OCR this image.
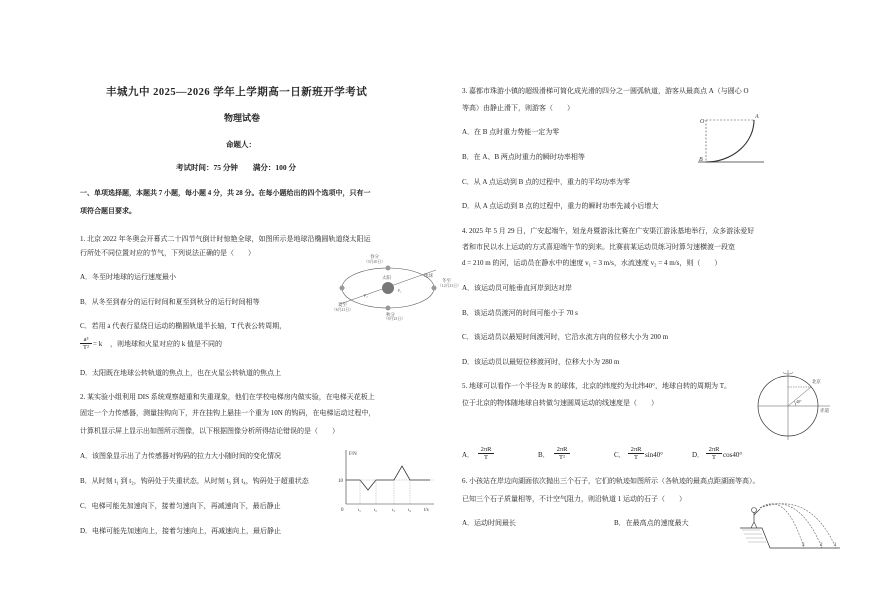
丰城九中 2025—2026 学年上学期高一日新班开学考试
物理试卷
命题人：
考试时间：75 分钟　　满分：100 分
一、单项选择题，本题共 7 小题，每小题 4 分，共 28 分。在每小题给出的四个选项中，只有一
项符合题目要求。
1. 北京 2022 年冬奥会开幕式二十四节气倒计时惊艳全球，如图所示是地球沿椭圆轨道绕太阳运
行所处不同位置对应的节气，下列说法正确的是（　　）
A．冬至时地球的运行速度最小
B．从冬至到春分的运行时间和夏至到秋分的运行时间相等
C．若用 a 代表行星绕日运动的椭圆轨道半长轴，T 代表公转周期，
a³
T² = k ，则地球和火星对应的 k 值是不同的
D．太阳既在地球公转轨道的焦点上，也在火星公转轨道的焦点上
春分
（3月20日）
太阳	地球
冬至
（12月21日）
夏至
（6月21日）
秋分
（9月23日）
F₁
F₂
2. 某实验小组利用 DIS 系统观察超重和失重现象，他们在学校电梯房内做实验，在电梯天花板上
固定一个力传感器，测量挂钩向下，并在挂钩上悬挂一个重为 10N 的钩码，在电梯运动过程中，
计算机显示屏上显示出如图所示图像，以下根据图像分析所得结论错误的是（　　）
A．该图象显示出了力传感器对钩码的拉力大小随时间的变化情况
B．从时刻 t₁ 到 t₂，钩码处于失重状态，从时刻 t₃ 到 t₄，钩码处于超重状态
C．电梯可能先加速向下，接着匀速向下，再减速向下，最后静止
D．电梯可能先加速向上，接着匀速向上，再减速向上，最后静止
F/N
t/s
10
0	t₁	t₂	t₃	t₄
3. 嘉都市珠游小镇的超级滑梯可简化成光滑的四分之一圆弧轨道，游客从最高点 A（与圆心 O
等高）由静止滑下，则游客（　　）
A．在 B 点时重力势能一定为零
B．在 A、B 两点时重力的瞬时功率相等
C．从 A 点运动到 B 点的过程中，重力的平均功率为零
D．从 A 点运动到 B 点的过程中，重力的瞬时功率先减小后增大
O
A
B
4. 2025 年 5 月 29 日，广安起端午，划龙舟暨游泳比赛在广安渠江游泳基地举行，众多游泳爱好
者和市民以水上运动的方式喜迎端午节的到来。比赛前某运动员练习时算匀速横渡一段宽
d = 210 m 的河，运动员在静水中的速度 v₁ = 3 m/s，水流速度 v₂ = 4 m/s，则（　　）
A．该运动员可能垂直河岸到达对岸
B．该运动员渡河的时间可能小于 70 s
C．该运动员以最短时间渡河时，它沿水流方向的位移大小为 200 m
D．该运动员以最短位移渡河时，位移大小为 280 m
5. 地球可以看作一个半径为 R 的球体，北京的纬度约为北纬40°，地球自转的周期为 T。
位于北京的物体随地球自转做匀速圆周运动的线速度是（　　）
A．
2πR
T	B．
2πR
T²	C．
2πR
T	sin40°	D．
2πR
T	cos40°
40°
北京
赤道
6. 小孩站在岸边向湖面依次抛出三个石子，它们的轨迹如图所示（各轨迹的最高点距湖面等高）。
已知三个石子质量相等，不计空气阻力，则沿轨道 1 运动的石子（　　）
A．运动时间最长	B．在最高点的速度最大
3	2 1
